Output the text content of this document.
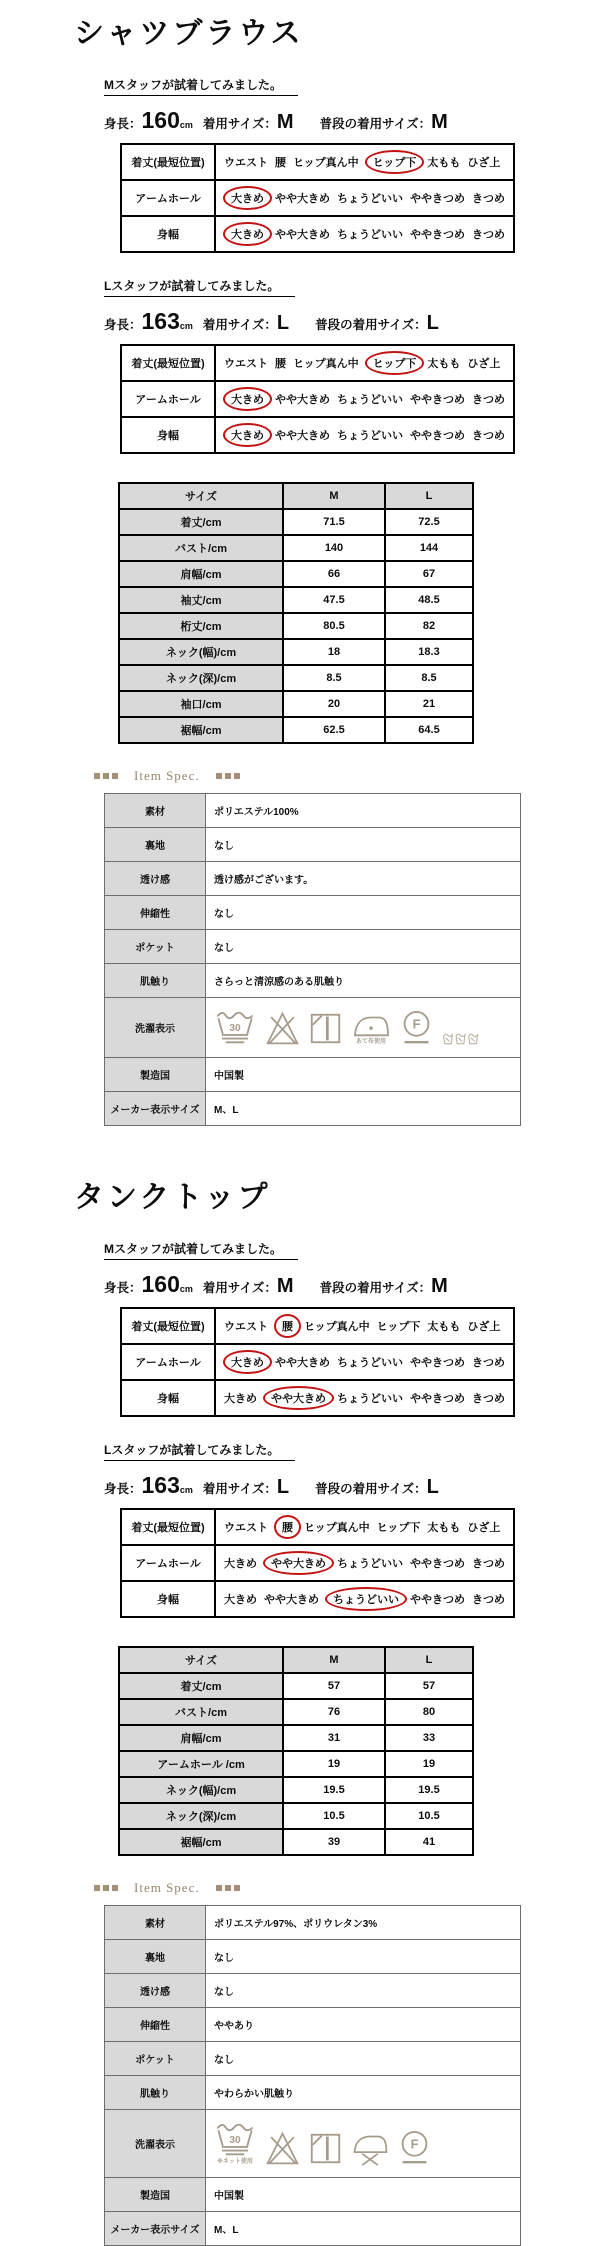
シャツブラウス
Mスタッフが試着してみました。
身長：160cm 着用サイズ：M 普段の着用サイズ：M
着丈(最短位置)	ウエスト 腰 ヒップ真ん中 ヒップ下 太もも ひざ上
アームホール	大きめ やや大きめ ちょうどいい ややきつめ きつめ
身幅	大きめ やや大きめ ちょうどいい ややきつめ きつめ
Lスタッフが試着してみました。
身長：163cm 着用サイズ：L 普段の着用サイズ：L
着丈(最短位置)	ウエスト 腰 ヒップ真ん中 ヒップ下 太もも ひざ上
アームホール	大きめ やや大きめ ちょうどいい ややきつめ きつめ
身幅	大きめ やや大きめ ちょうどいい ややきつめ きつめ
サイズ	M	L
着丈/cm	71.5	72.5
バスト/cm	140	144
肩幅/cm	66	67
袖丈/cm	47.5	48.5
桁丈/cm	80.5	82
ネック(幅)/cm	18	18.3
ネック(深)/cm	8.5	8.5
袖口/cm	20	21
裾幅/cm	62.5	64.5
Item Spec.
素材	ポリエステル100%
裏地	なし
透け感	透け感がございます。
伸縮性	なし
ポケット	なし
肌触り	さらっと清涼感のある肌触り
洗濯表示	30
あて布使用
F

製造国	中国製
メーカー表示サイズ	M、L
タンクトップ
Mスタッフが試着してみました。
身長：160cm 着用サイズ：M 普段の着用サイズ：M
着丈(最短位置)	ウエスト 腰 ヒップ真ん中 ヒップ下 太もも ひざ上
アームホール	大きめ やや大きめ ちょうどいい ややきつめ きつめ
身幅	大きめ やや大きめ ちょうどいい ややきつめ きつめ
Lスタッフが試着してみました。
身長：163cm 着用サイズ：L 普段の着用サイズ：L
着丈(最短位置)	ウエスト 腰 ヒップ真ん中 ヒップ下 太もも ひざ上
アームホール	大きめ やや大きめ ちょうどいい ややきつめ きつめ
身幅	大きめ やや大きめ ちょうどいい ややきつめ きつめ
サイズ	M	L
着丈/cm	57	57
バスト/cm	76	80
肩幅/cm	31	33
アームホール /cm	19	19
ネック(幅)/cm	19.5	19.5
ネック(深)/cm	10.5	10.5
裾幅/cm	39	41
Item Spec.
素材	ポリエステル97%、ポリウレタン3%
裏地	なし
透け感	なし
伸縮性	ややあり
ポケット	なし
肌触り	やわらかい肌触り
洗濯表示	30
※ネット使用
F

製造国	中国製
メーカー表示サイズ	M、L
